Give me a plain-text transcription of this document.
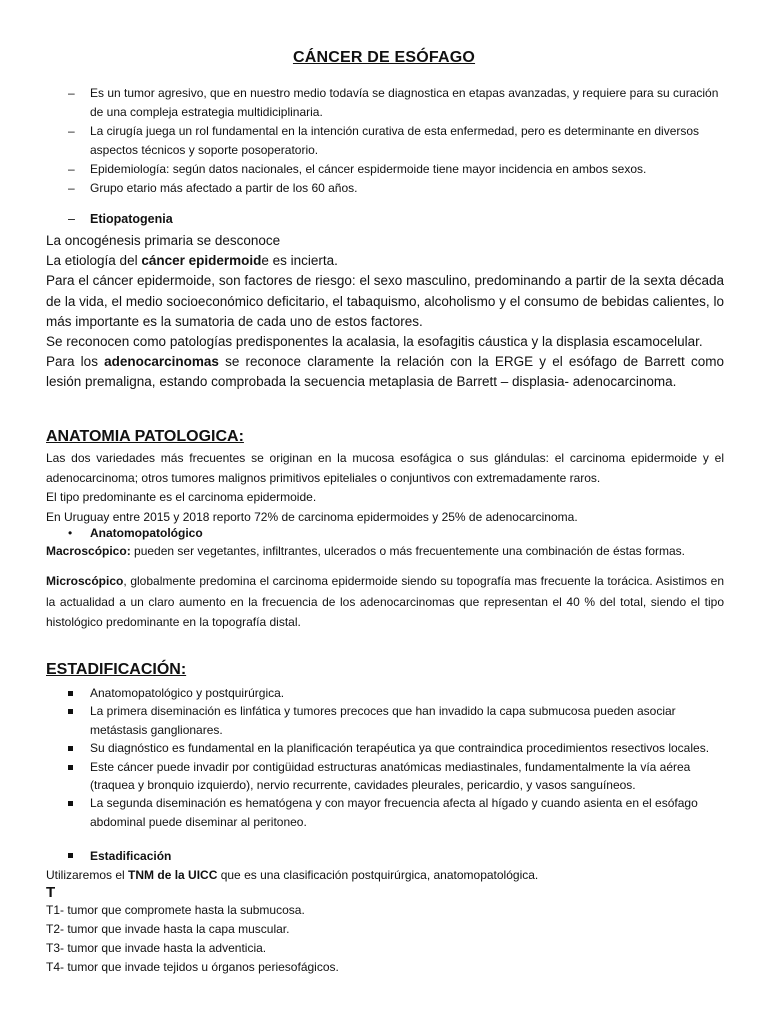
CÁNCER DE ESÓFAGO
– Es un tumor agresivo, que en nuestro medio todavía se diagnostica en etapas avanzadas, y requiere para su curación de una compleja estrategia multidiciplinaria.
– La cirugía juega un rol fundamental en la intención curativa de esta enfermedad, pero es determinante en diversos aspectos técnicos y soporte posoperatorio.
– Epidemiología: según datos nacionales, el cáncer espidermoide tiene mayor incidencia en ambos sexos.
– Grupo etario más afectado a partir de los 60 años.
– Etiopatogenia

La oncogénesis primaria se desconoce

La etiología del cáncer epidermoide es incierta.

Para el cáncer epidermoide, son factores de riesgo: el sexo masculino, predominando a partir de la sexta década de la vida, el medio socioeconómico deficitario, el tabaquismo, alcoholismo y el consumo de bebidas calientes, lo más importante es la sumatoria de cada uno de estos factores.

Se reconocen como patologías predisponentes la acalasia, la esofagitis cáustica y la displasia escamocelular.

Para los adenocarcinomas se reconoce claramente la relación con la ERGE y el esófago de Barrett como lesión premaligna, estando comprobada la secuencia metaplasia de Barrett – displasia- adenocarcinoma.

ANATOMIA PATOLOGICA:

Las dos variedades más frecuentes se originan en la mucosa esofágica o sus glándulas: el carcinoma epidermoide y el adenocarcinoma; otros tumores malignos primitivos epiteliales o conjuntivos con extremadamente raros.

El tipo predominante es el carcinoma epidermoide.

En Uruguay entre 2015 y 2018 reporto 72% de carcinoma epidermoides y 25% de adenocarcinoma.

• Anatomopatológico
Macroscópico: pueden ser vegetantes, infiltrantes, ulcerados o más frecuentemente una combinación de éstas formas.
Microscópico, globalmente predomina el carcinoma epidermoide siendo su topografía mas frecuente la torácica. Asistimos en la actualidad a un claro aumento en la frecuencia de los adenocarcinomas que representan el 40 % del total, siendo el tipo histológico predominante en la topografía distal.
ESTADIFICACIÓN:
Anatomopatológico y postquirúrgica.
La primera diseminación es linfática y tumores precoces que han invadido la capa submucosa pueden asociar metástasis ganglionares.
Su diagnóstico es fundamental en la planificación terapéutica ya que contraindica procedimientos resectivos locales.
Este cáncer puede invadir por contigüidad estructuras anatómicas mediastinales, fundamentalmente la vía aérea (traquea y bronquio izquierdo), nervio recurrente, cavidades pleurales, pericardio, y vasos sanguíneos.
La segunda diseminación es hematógena y con mayor frecuencia afecta al hígado y cuando asienta en el esófago abdominal puede diseminar al peritoneo.
Estadificación

Utilizaremos el TNM de la UICC que es una clasificación postquirúrgica, anatomopatológica.

T

T1- tumor que compromete hasta la submucosa.

T2- tumor que invade hasta la capa muscular.

T3- tumor que invade hasta la adventicia.

T4- tumor que invade tejidos u órganos periesofágicos.
